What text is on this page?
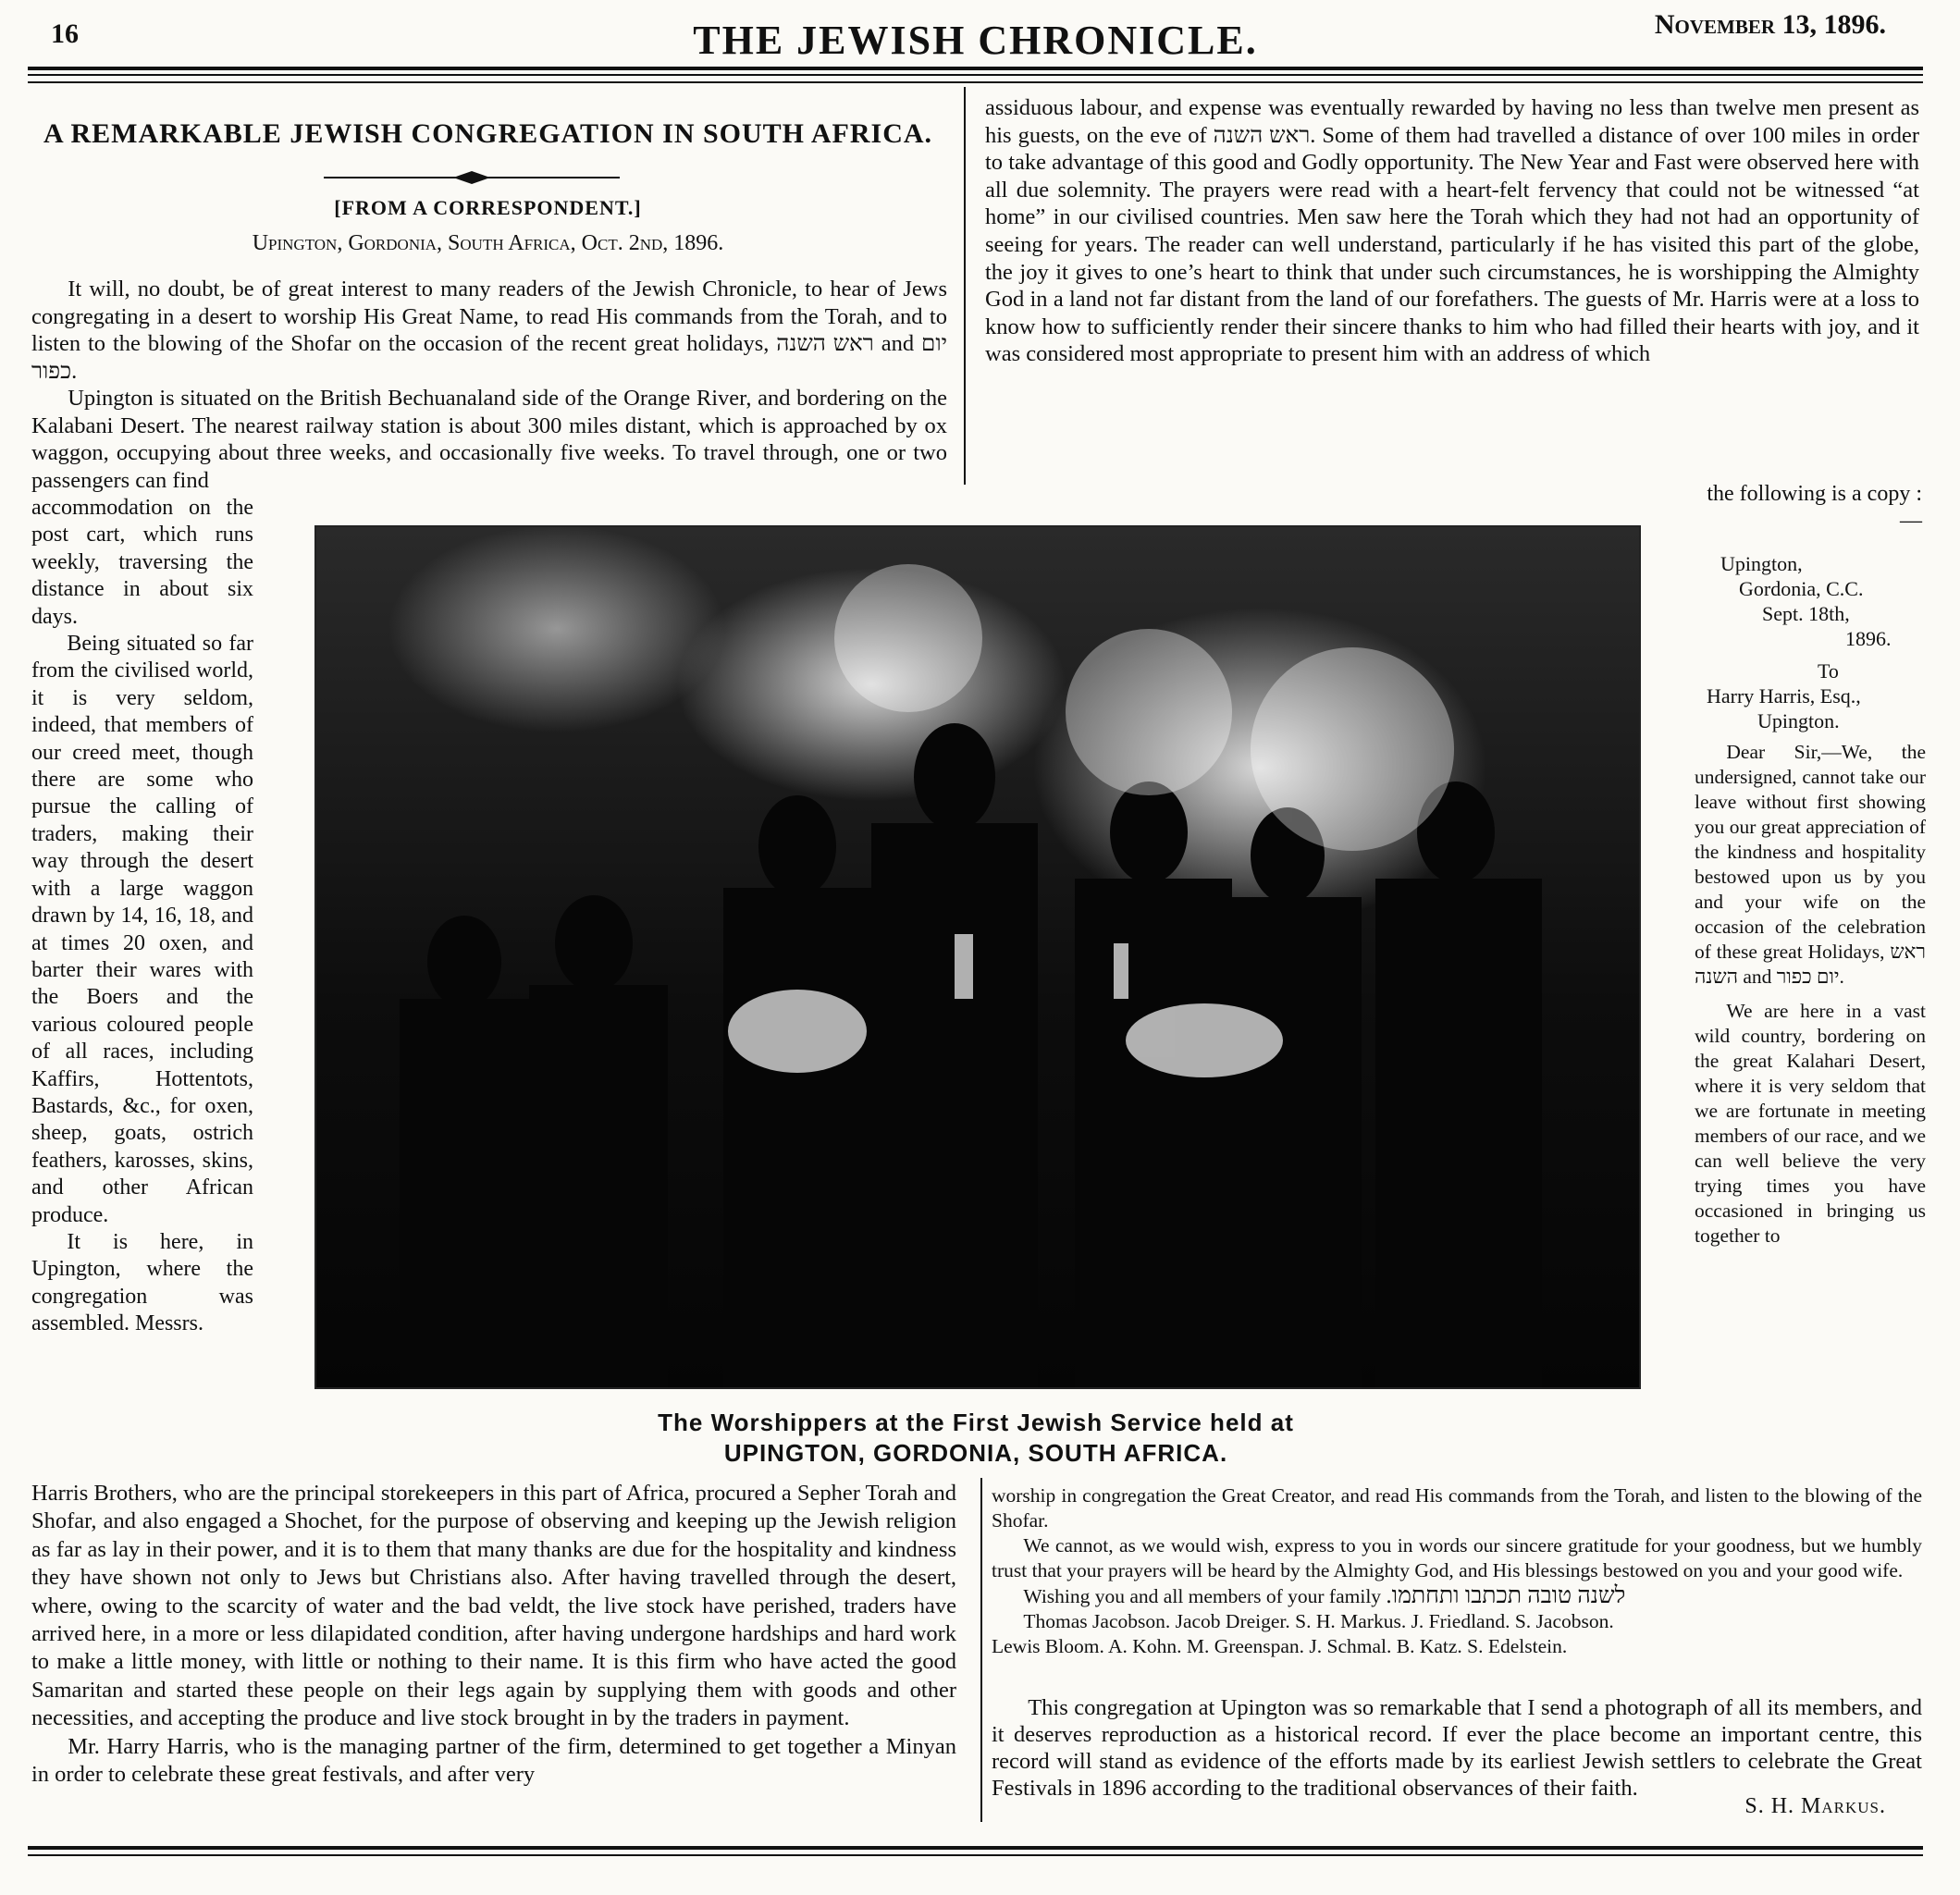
16	THE JEWISH CHRONICLE.	November 13, 1896.
A REMARKABLE JEWISH CONGREGATION IN SOUTH AFRICA.
[FROM A CORRESPONDENT.]
Upington, Gordonia, South Africa, Oct. 2nd, 1896.

It will, no doubt, be of great interest to many readers of the Jewish Chronicle, to hear of Jews congregating in a desert to worship His Great Name, to read His commands from the Torah, and to listen to the blowing of the Shofar on the occasion of the recent great holidays, ראש השנה and יום כפור.

Upington is situated on the British Bechuanaland side of the Orange River, and bordering on the Kalabani Desert. The nearest railway station is about 300 miles distant, which is approached by ox waggon, occupying about three weeks, and occasionally five weeks. To travel through, one or two passengers can find

accommodation on the post cart, which runs weekly, traversing the distance in about six days.

Being situated so far from the civilised world, it is very seldom, indeed, that members of our creed meet, though there are some who pursue the calling of traders, making their way through the desert with a large waggon drawn by 14, 16, 18, and at times 20 oxen, and barter their wares with the Boers and the various coloured people of all races, including Kaffirs, Hottentots, Bastards, &c., for oxen, sheep, goats, ostrich feathers, karosses, skins, and other African produce.

It is here, in Upington, where the congregation was assembled. Messrs.

Harris Brothers, who are the principal storekeepers in this part of Africa, procured a Sepher Torah and Shofar, and also engaged a Shochet, for the purpose of observing and keeping up the Jewish religion as far as lay in their power, and it is to them that many thanks are due for the hospitality and kindness they have shown not only to Jews but Christians also. After having travelled through the desert, where, owing to the scarcity of water and the bad veldt, the live stock have perished, traders have arrived here, in a more or less dilapidated condition, after having undergone hardships and hard work to make a little money, with little or nothing to their name. It is this firm who have acted the good Samaritan and started these people on their legs again by supplying them with goods and other necessities, and accepting the produce and live stock brought in by the traders in payment.

Mr. Harry Harris, who is the managing partner of the firm, determined to get together a Minyan in order to celebrate these great festivals, and after very

assiduous labour, and expense was eventually rewarded by having no less than twelve men present as his guests, on the eve of ראש השנה. Some of them had travelled a distance of over 100 miles in order to take advantage of this good and Godly opportunity. The New Year and Fast were observed here with all due solemnity. The prayers were read with a heart-felt fervency that could not be witnessed “at home” in our civilised countries. Men saw here the Torah which they had not had an opportunity of seeing for years. The reader can well understand, particularly if he has visited this part of the globe, the joy it gives to one’s heart to think that under such circumstances, he is worshipping the Almighty God in a land not far distant from the land of our forefathers. The guests of Mr. Harris were at a loss to know how to sufficiently render their sincere thanks to him who had filled their hearts with joy, and it was considered most appropriate to present him with an address of which

the following is a copy :—
Upington,
Gordonia, C.C.
Sept. 18th,
1896.
To
Harry Harris, Esq.,
Upington.

Dear Sir,—We, the undersigned, cannot take our leave without first showing you our great appreciation of the kindness and hospitality bestowed upon us by you and your wife on the occasion of the celebration of these great Holidays, ראש השנה and יום כפור.

We are here in a vast wild country, bordering on the great Kalahari Desert, where it is very seldom that we are fortunate in meeting members of our race, and we can well believe the very trying times you have occasioned in bringing us together to

worship in congregation the Great Creator, and read His commands from the Torah, and listen to the blowing of the Shofar.

We cannot, as we would wish, express to you in words our sincere gratitude for your goodness, but we humbly trust that your prayers will be heard by the Almighty God, and His blessings bestowed on you and your good wife.

Wishing you and all members of your family לשנה טובה תכתבו ותחתמו.

Thomas Jacobson. Jacob Dreiger. S. H. Markus. J. Friedland. S. Jacobson.

Lewis Bloom. A. Kohn. M. Greenspan. J. Schmal. B. Katz. S. Edelstein.

This congregation at Upington was so remarkable that I send a photograph of all its members, and it deserves reproduction as a historical record. If ever the place become an important centre, this record will stand as evidence of the efforts made by its earliest Jewish settlers to celebrate the Great Festivals in 1896 according to the traditional observances of their faith.

S. H. Markus.
The Worshippers at the First Jewish Service held at
UPINGTON, GORDONIA, SOUTH AFRICA.
